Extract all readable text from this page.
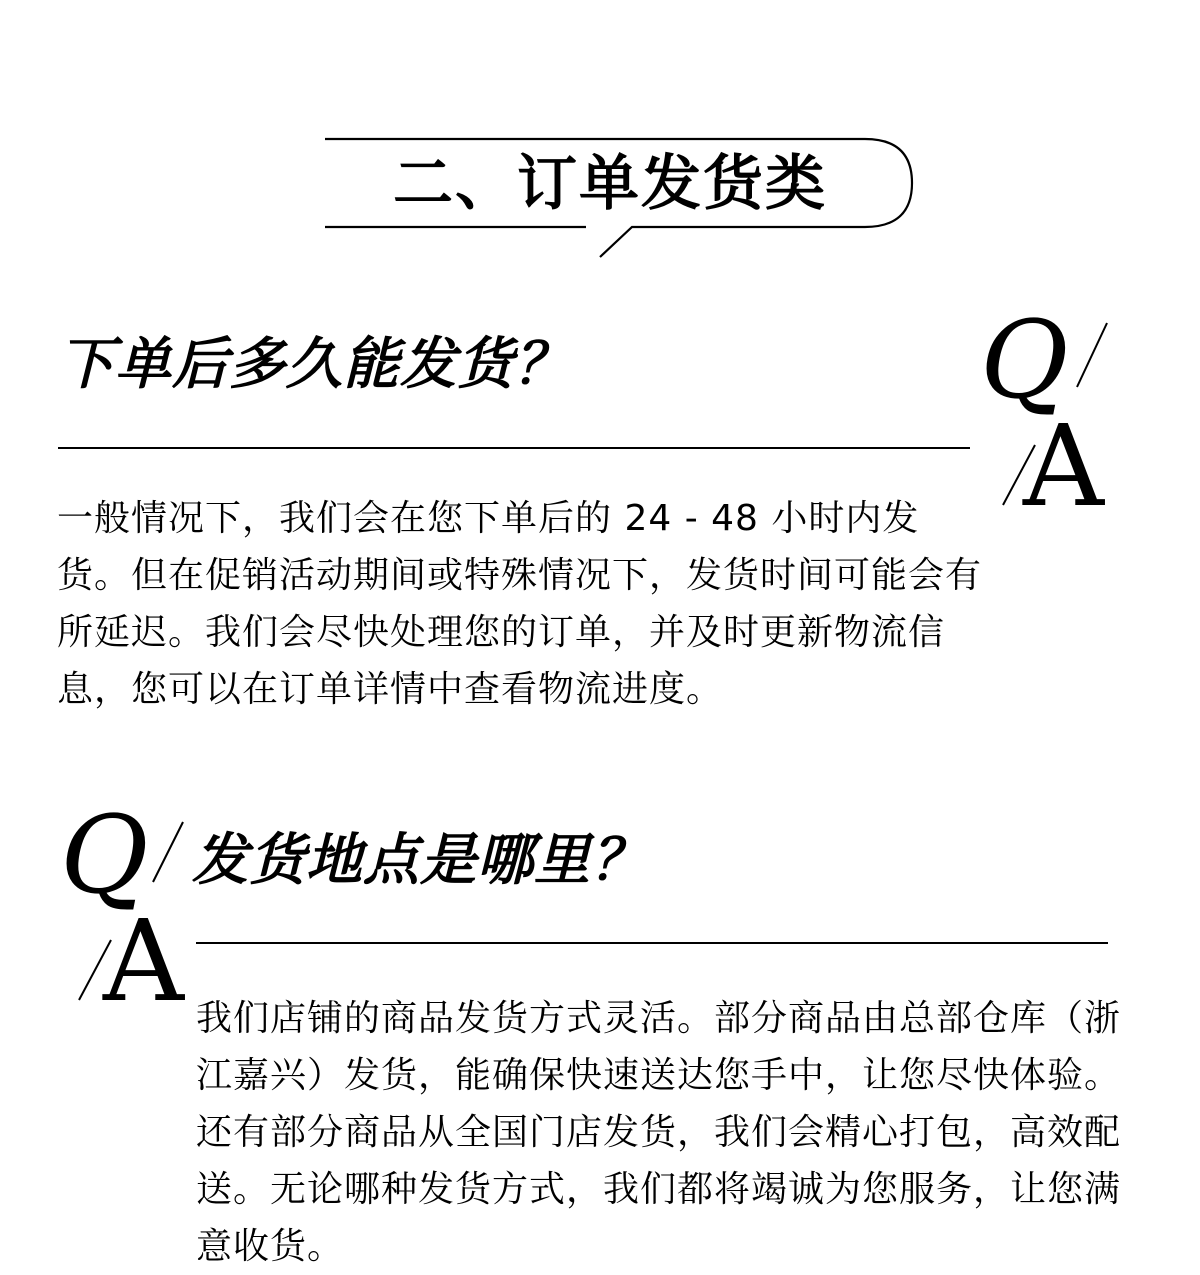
二、订单发货类
下单后多久能发货？
一般情况下，我们会在您下单后的 24 - 48 小时内发货。但在促销活动期间或特殊情况下，发货时间可能会有所延迟。我们会尽快处理您的订单，并及时更新物流信息，您可以在订单详情中查看物流进度。
Q
A
Q
A
发货地点是哪里？
我们店铺的商品发货方式灵活。部分商品由总部仓库（浙江嘉兴）发货，能确保快速送达您手中，让您尽快体验。还有部分商品从全国门店发货，我们会精心打包，高效配送。无论哪种发货方式，我们都将竭诚为您服务，让您满意收货。
